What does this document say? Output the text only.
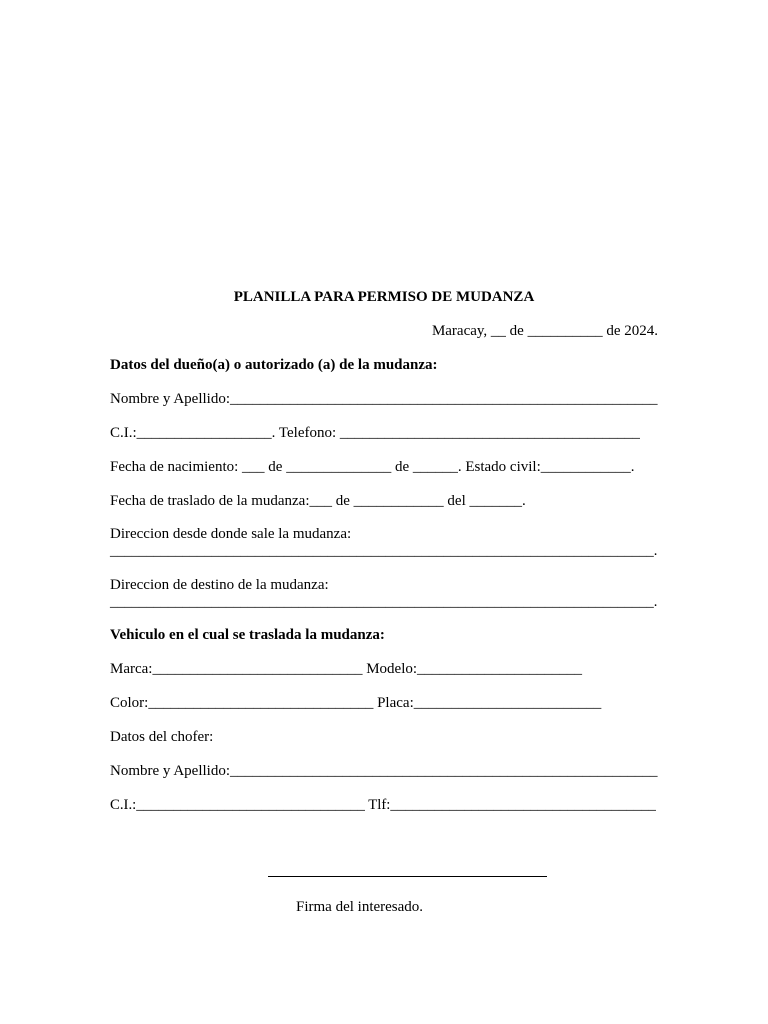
PLANILLA PARA PERMISO DE MUDANZA
Maracay, __ de __________ de 2024.
Datos del dueño(a) o autorizado (a) de la mudanza:
Nombre y Apellido:_________________________________________________________
C.I.:__________________. Telefono: ________________________________________
Fecha de nacimiento: ___ de ______________ de ______. Estado civil:____________.
Fecha de traslado de la mudanza:___ de ____________ del _______.
Direccion desde donde sale la mudanza:
___________________________________________________________________________.
Direccion de destino de la mudanza:
___________________________________________________________________________.
Vehiculo en el cual se traslada la mudanza:
Marca:____________________________ Modelo:______________________
Color:______________________________ Placa:_________________________
Datos del chofer:
Nombre y Apellido:_________________________________________________________
C.I.:_______________________________ Tlf:____________________________________
Firma del interesado.
